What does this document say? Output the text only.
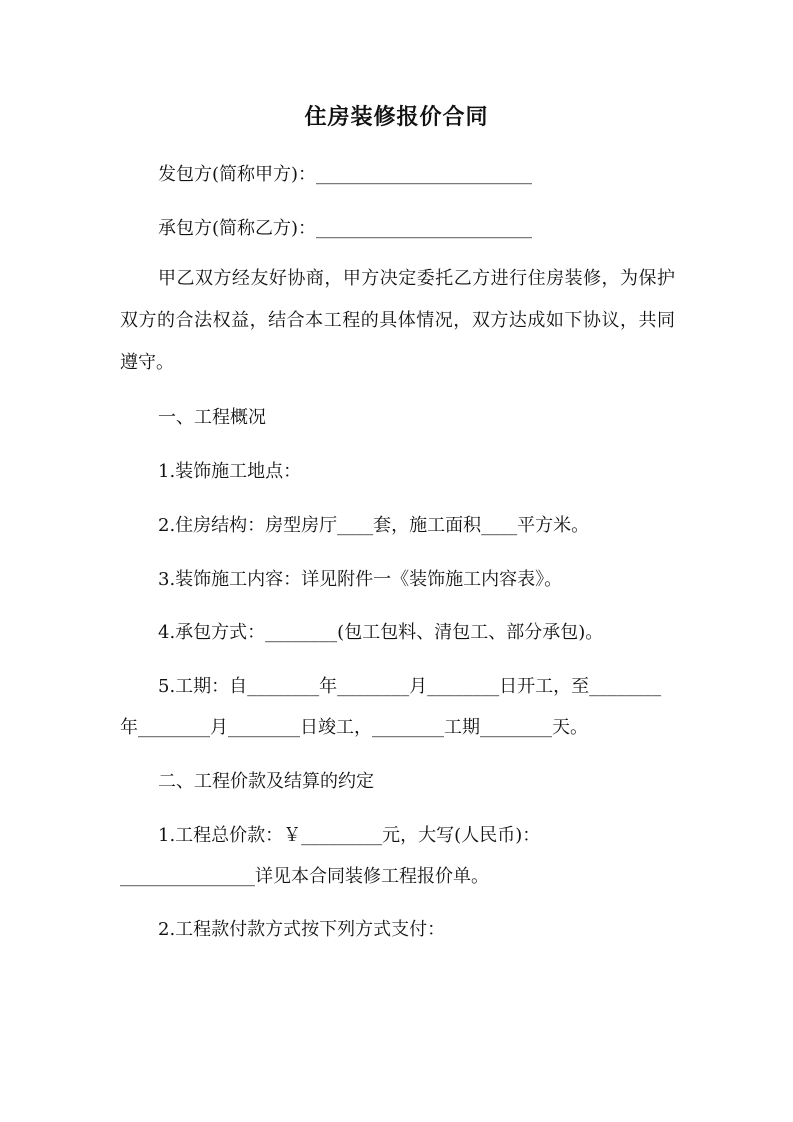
住房装修报价合同
发包方(简称甲方)：________________________
承包方(简称乙方)：________________________
甲乙双方经友好协商，甲方决定委托乙方进行住房装修，为保护双方的合法权益，结合本工程的具体情况，双方达成如下协议，共同遵守。
一、工程概况
1.装饰施工地点：
2.住房结构：房型房厅____套，施工面积____平方米。
3.装饰施工内容：详见附件一《装饰施工内容表》。
4.承包方式：________(包工包料、清包工、部分承包)。
5.工期：自________年________月________日开工，至________
年________月________日竣工，________工期________天。
二、工程价款及结算的约定
1.工程总价款：￥_________元，大写(人民币)：
_______________详见本合同装修工程报价单。
2.工程款付款方式按下列方式支付：
